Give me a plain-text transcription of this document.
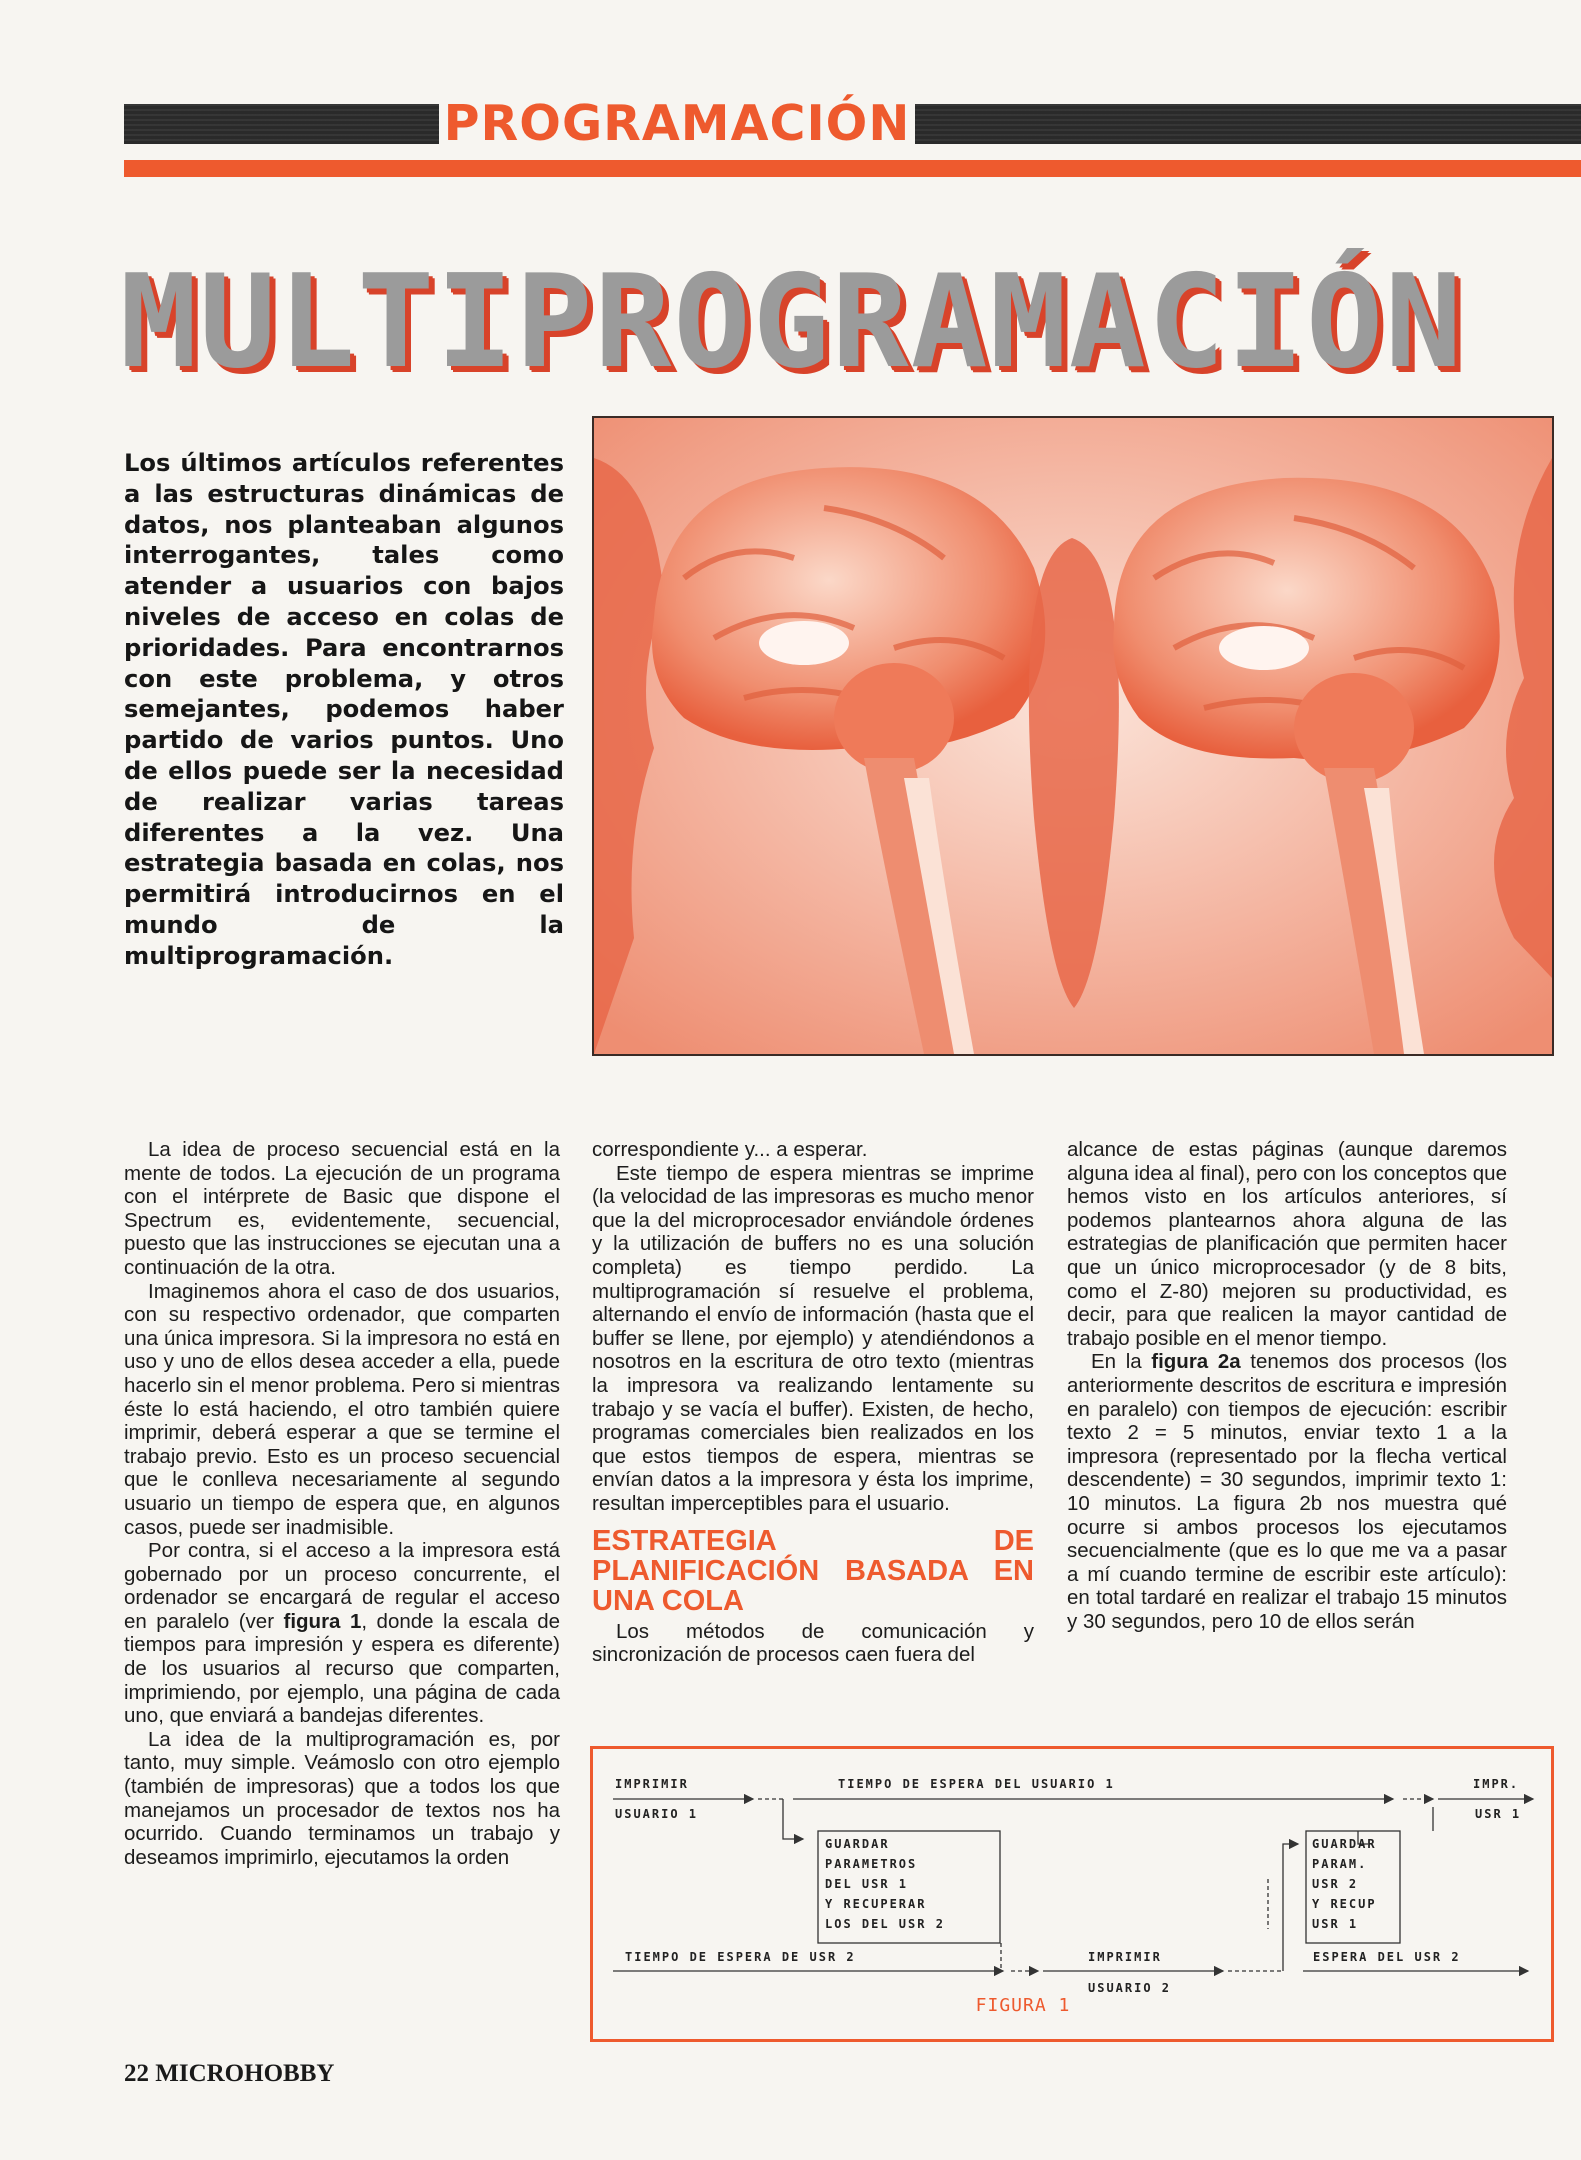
PROGRAMACIÓN
MULTIPROGRAMACIÓN
Los últimos artículos referentes a las estructuras dinámicas de datos, nos planteaban algunos interrogantes, tales como atender a usuarios con bajos niveles de acceso en colas de prioridades. Para encontrarnos con este problema, y otros semejantes, podemos haber partido de varios puntos. Uno de ellos puede ser la necesidad de realizar varias tareas diferentes a la vez. Una estrategia basada en colas, nos permitirá introducirnos en el mundo de la multiprogramación.

La idea de proceso secuencial está en la mente de todos. La ejecución de un programa con el intérprete de Basic que dispone el Spectrum es, evidentemente, secuencial, puesto que las instrucciones se ejecutan una a continuación de la otra.

Imaginemos ahora el caso de dos usuarios, con su respectivo ordenador, que comparten una única impresora. Si la impresora no está en uso y uno de ellos desea acceder a ella, puede hacerlo sin el menor problema. Pero si mientras éste lo está haciendo, el otro también quiere imprimir, deberá esperar a que se termine el trabajo previo. Esto es un proceso secuencial que le conlleva necesariamente al segundo usuario un tiempo de espera que, en algunos casos, puede ser inadmisible.

Por contra, si el acceso a la impresora está gobernado por un proceso concurrente, el ordenador se encargará de regular el acceso en paralelo (ver figura 1, donde la escala de tiempos para impresión y espera es diferente) de los usuarios al recurso que comparten, imprimiendo, por ejemplo, una página de cada uno, que enviará a bandejas diferentes.

La idea de la multiprogramación es, por tanto, muy simple. Veámoslo con otro ejemplo (también de impresoras) que a todos los que manejamos un procesador de textos nos ha ocurrido. Cuando terminamos un trabajo y deseamos imprimirlo, ejecutamos la orden

correspondiente y... a esperar.

Este tiempo de espera mientras se imprime (la velocidad de las impresoras es mucho menor que la del microprocesador enviándole órdenes y la utilización de buffers no es una solución completa) es tiempo perdido. La multiprogramación sí resuelve el problema, alternando el envío de información (hasta que el buffer se llene, por ejemplo) y atendiéndonos a nosotros en la escritura de otro texto (mientras la impresora va realizando lentamente su trabajo y se vacía el buffer). Existen, de hecho, programas comerciales bien realizados en los que estos tiempos de espera, mientras se envían datos a la impresora y ésta los imprime, resultan imperceptibles para el usuario.

ESTRATEGIA DE PLANIFICACIÓN BASADA EN UNA COLA

Los métodos de comunicación y sincronización de procesos caen fuera del

alcance de estas páginas (aunque daremos alguna idea al final), pero con los conceptos que hemos visto en los artículos anteriores, sí podemos plantearnos ahora alguna de las estrategias de planificación que permiten hacer que un único microprocesador (y de 8 bits, como el Z-80) mejoren su productividad, es decir, para que realicen la mayor cantidad de trabajo posible en el menor tiempo.

En la figura 2a tenemos dos procesos (los anteriormente descritos de escritura e impresión en paralelo) con tiempos de ejecución: escribir texto 2 = 5 minutos, enviar texto 1 a la impresora (representado por la flecha vertical descendente) = 30 segundos, imprimir texto 1: 10 minutos. La figura 2b nos muestra qué ocurre si ambos procesos los ejecutamos secuencialmente (que es lo que me va a pasar a mí cuando termine de escribir este artículo): en total tardaré en realizar el trabajo 15 minutos y 30 segundos, pero 10 de ellos serán

IMPRIMIR
USUARIO 1
TIEMPO DE ESPERA DEL USUARIO 1	IMPR.
USR 1
GUARDAR
PARAMETROS
DEL USR 1
Y RECUPERAR
LOS DEL USR 2
GUARDAR
PARAM.
USR 2
Y RECUP
USR 1
TIEMPO DE ESPERA DE USR 2	IMPRIMIR
USUARIO 2
ESPERA DEL USR 2
FIGURA 1
22 MICROHOBBY
